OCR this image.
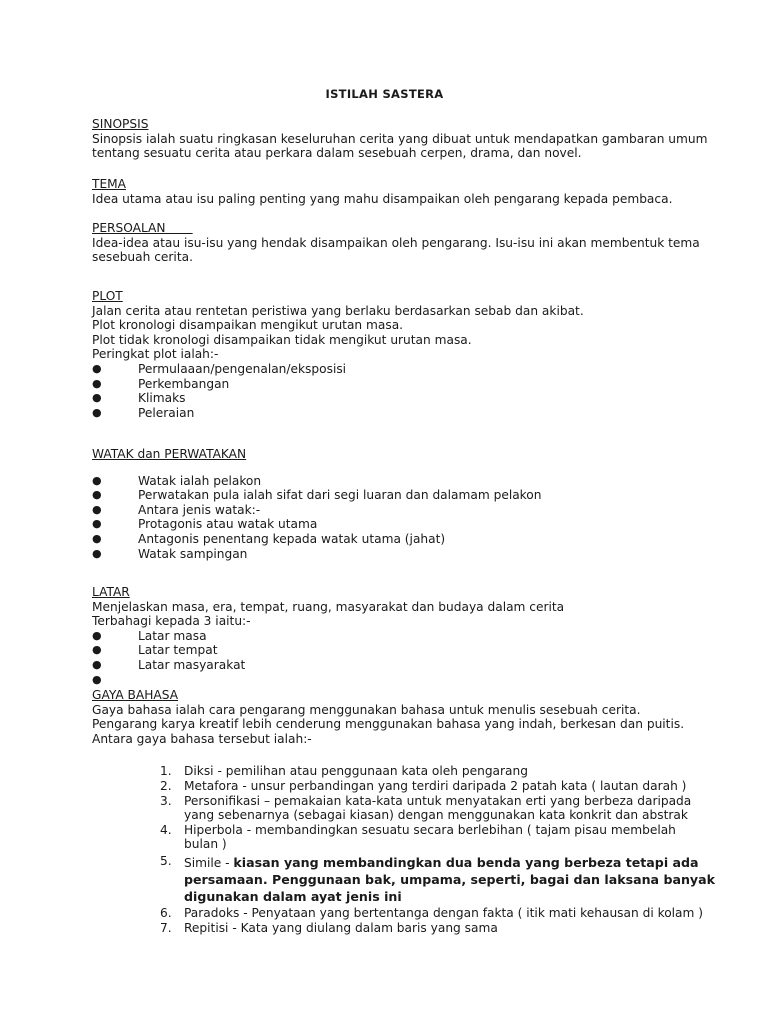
ISTILAH SASTERA
SINOPSIS
Sinopsis ialah suatu ringkasan keseluruhan cerita yang dibuat untuk mendapatkan gambaran umum
tentang sesuatu cerita atau perkara dalam sesebuah cerpen, drama, dan novel.
TEMA
Idea utama atau isu paling penting yang mahu disampaikan oleh pengarang kepada pembaca.
PERSOALAN
Idea-idea atau isu-isu yang hendak disampaikan oleh pengarang. Isu-isu ini akan membentuk tema
sesebuah cerita.
PLOT
Jalan cerita atau rentetan peristiwa yang berlaku berdasarkan sebab dan akibat.
Plot kronologi disampaikan mengikut urutan masa.
Plot tidak kronologi disampaikan tidak mengikut urutan masa.
Peringkat plot ialah:-
●	Permulaaan/pengenalan/eksposisi
●	Perkembangan
●	Klimaks
●	Peleraian
WATAK dan PERWATAKAN
●	Watak ialah pelakon
●	Perwatakan pula ialah sifat dari segi luaran dan dalamam pelakon
●	Antara jenis watak:-
●	Protagonis atau watak utama
●	Antagonis penentang kepada watak utama (jahat)
●	Watak sampingan
LATAR
Menjelaskan masa, era, tempat, ruang, masyarakat dan budaya dalam cerita
Terbahagi kepada 3 iaitu:-
●	Latar masa
●	Latar tempat
●	Latar masyarakat
●
GAYA BAHASA
Gaya bahasa ialah cara pengarang menggunakan bahasa untuk menulis sesebuah cerita.
Pengarang karya kreatif lebih cenderung menggunakan bahasa yang indah, berkesan dan puitis.
Antara gaya bahasa tersebut ialah:-
1. Diksi - pemilihan atau penggunaan kata oleh pengarang
2. Metafora - unsur perbandingan yang terdiri daripada 2 patah kata ( lautan darah )
3. Personifikasi – pemakaian kata-kata untuk menyatakan erti yang berbeza daripada
yang sebenarnya (sebagai kiasan) dengan menggunakan kata konkrit dan abstrak
4. Hiperbola - membandingkan sesuatu secara berlebihan ( tajam pisau membelah
bulan )
5. Simile - kiasan yang membandingkan dua benda yang berbeza tetapi ada
persamaan. Penggunaan bak, umpama, seperti, bagai dan laksana banyak
digunakan dalam ayat jenis ini
6. Paradoks - Penyataan yang bertentanga dengan fakta ( itik mati kehausan di kolam )
7. Repitisi - Kata yang diulang dalam baris yang sama
